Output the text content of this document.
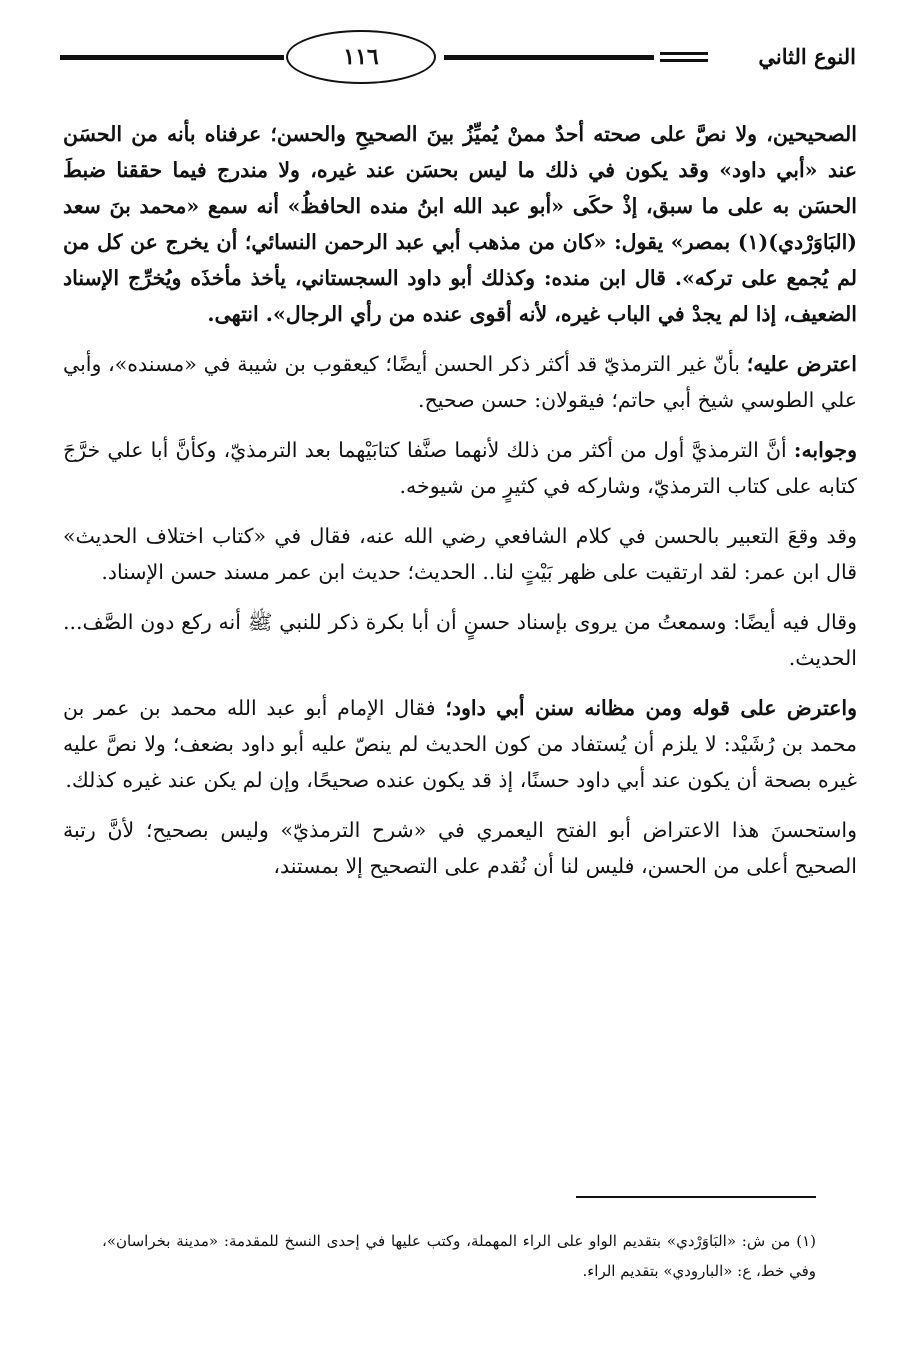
النوع الثاني
١١٦

الصحيحين، ولا نصَّ على صحته أحدٌ ممنْ يُميِّزُ بينَ الصحيحِ والحسن؛ عرفناه بأنه من الحسَن عند «أبي داود» وقد يكون في ذلك ما ليس بحسَن عند غيره، ولا مندرج فيما حققنا ضبطَ الحسَن به على ما سبق، إذْ حكَى «أبو عبد الله ابنُ منده الحافظُ» أنه سمع «محمد بنَ سعد (البَاوَرْدي)(١) بمصر» يقول: «كان من مذهب أبي عبد الرحمن النسائي؛ أن يخرج عن كل من لم يُجمع على تركه». قال ابن منده: وكذلك أبو داود السجستاني، يأخذ مأخذَه ويُخرِّج الإسناد الضعيف، إذا لم يجدْ في الباب غيره، لأنه أقوى عنده من رأي الرجال». انتهى.

اعترض عليه؛ بأنّ غير الترمذيّ قد أكثر ذكر الحسن أيضًا؛ كيعقوب بن شيبة في «مسنده»، وأبي علي الطوسي شيخ أبي حاتم؛ فيقولان: حسن صحيح.

وجوابه: أنَّ الترمذيَّ أول من أكثر من ذلك لأنهما صنَّفا كتابَيْهما بعد الترمذيّ، وكأنَّ أبا علي خرَّجَ كتابه على كتاب الترمذيّ، وشاركه في كثيرٍ من شيوخه.

وقد وقعَ التعبير بالحسن في كلام الشافعي رضي الله عنه، فقال في «كتاب اختلاف الحديث» قال ابن عمر: لقد ارتقيت على ظهر بَيْتٍ لنا.. الحديث؛ حديث ابن عمر مسند حسن الإسناد.

وقال فيه أيضًا: وسمعتُ من يروى بإسناد حسنٍ أن أبا بكرة ذكر للنبي ﷺ أنه ركع دون الصَّف... الحديث.

واعترض على قوله ومن مظانه سنن أبي داود؛ فقال الإمام أبو عبد الله محمد بن عمر بن محمد بن رُشَيْد: لا يلزم أن يُستفاد من كون الحديث لم ينصّ عليه أبو داود بضعف؛ ولا نصَّ عليه غيره بصحة أن يكون عند أبي داود حسنًا، إذ قد يكون عنده صحيحًا، وإن لم يكن عند غيره كذلك.

واستحسنَ هذا الاعتراض أبو الفتح اليعمري في «شرح الترمذيّ» وليس بصحيح؛ لأنَّ رتبة الصحيح أعلى من الحسن، فليس لنا أن نُقدم على التصحيح إلا بمستند،

(١) من ش: «البَاوَرْدي» بتقديم الواو على الراء المهملة، وكتب عليها في إحدى النسخ للمقدمة: «مدينة بخراسان»، وفي خط، ع: «البارودي» بتقديم الراء.
